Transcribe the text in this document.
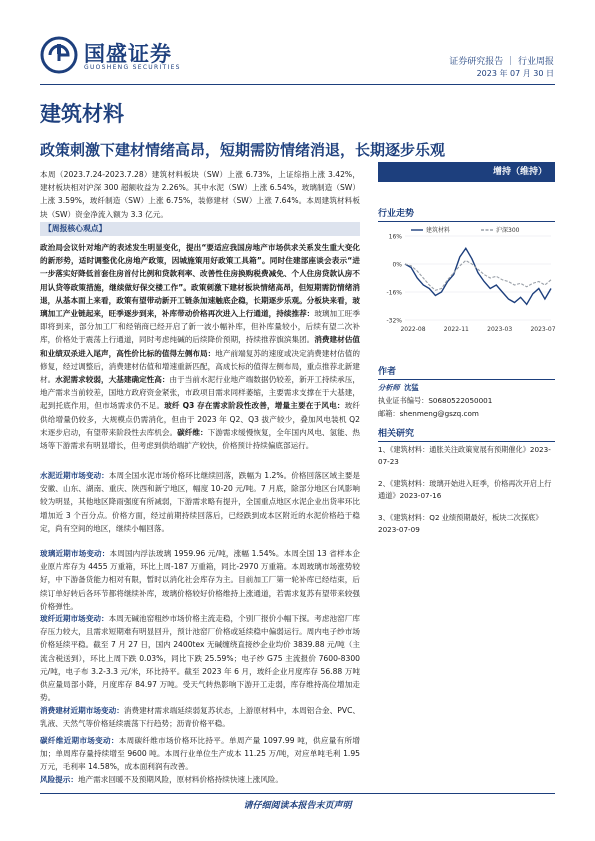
国盛证券
GUOSHENG SECURITIES
证券研究报告 ｜ 行业周报
2023 年 07 月 30 日
建筑材料
政策刺激下建材情绪高昂，短期需防情绪消退，长期逐步乐观

本周（2023.7.24-2023.7.28）建筑材料板块（SW）上涨 6.73%，上证综指上涨 3.42%，建材板块相对沪深 300 超额收益为 2.26%。其中水泥（SW）上涨 6.54%，玻璃制造（SW）上涨 3.59%，玻纤制造（SW）上涨 6.75%，装修建材（SW）上涨 7.64%。本周建筑材料板块（SW）资金净流入额为 3.3 亿元。

【周报核心观点】

政治局会议针对地产的表述发生明显变化，提出“要适应我国房地产市场供求关系发生重大变化的新形势，适时调整优化房地产政策，因城施策用好政策工具箱”。同时住建部座谈会表示“进一步落实好降低首套住房首付比例和贷款利率、改善性住房换购税费减免、个人住房贷款认房不用认贷等政策措施，继续做好保交楼工作”。政策刺激下建材板块情绪高昂，但短期需防情绪消退，从基本面上来看，政策有望带动新开工链条加速触底企稳，长期逐步乐观。分板块来看，玻璃加工产业链起来，旺季逐步到来，补库带动价格再次进入上行通道，持续推荐：玻璃加工旺季即将到来，部分加工厂和经销商已经开启了新一波小幅补库，但补库量较小，后续有望二次补库，价格处于震荡上行通道，同时考虑纯碱的后续降价预期，持续推荐旗滨集团。消费建材估值和业绩双杀进入尾声，高性价比标的值得左侧布局：地产前端复苏的速度或决定消费建材估值的修复，经过调整后，消费建材估值和增速重新匹配，高成长标的值得左侧布局，重点推荐北新建材。水泥需求较弱，大基建确定性高：由于当前水泥行业地产端数据仍较差，新开工持续承压，地产需求当前较差，国地方政府资金紧张，市政项目需求同样萎缩，主要需求支撑在于大基建，起到托底作用，但市场需求仍不足。玻纤 Q3 存在需求阶段性改善，增量主要在于风电：玻纤供给增量仍较多，大规模点仍需消化，但由于 2023 年 Q2、Q3 拔产较少，叠加风电装机 Q2 末逐步启动，有望带来阶段性去库机会。碳纤维：下游需求缓慢恢复，全年国内风电、氢能、热场等下游需求有明显增长，但考虑到供给端扩产较快，价格预计持续偏底部运行。

水泥近期市场变动：本周全国水泥市场价格环比继续回落，跌幅为 1.2%。价格回落区域主要是安徽、山东、湖南、重庆、陕西和新宁地区，幅度 10-20 元/吨。7 月底，除部分地区台风影响较为明显，其他地区降雨强度有所减弱，下游需求略有提升，全国重点地区水泥企业出货率环比增加近 3 个百分点。价格方面，经过前期持续回落后，已经跌到成本区附近的水泥价格趋于稳定，尚有空间的地区，继续小幅回落。

玻璃近期市场变动：本周国内浮法玻璃 1959.96 元/吨，涨幅 1.54%。本周全国 13 省样本企业原片库存为 4455 万重箱，环比上周-187 万重箱，同比-2970 万重箱。本周玻璃市场涨势较好，中下游备货能力相对有限，暂时以消化社会库存为主。目前加工厂第一轮补库已经结束，后续订单好转后各环节都将继续补库，玻璃价格较好价格维持上涨通道，若需求复苏有望带来较强价格弹性。

玻纤近期市场变动：本周无碱池窑粗纱市场价格主流走稳，个别厂报价小幅下探。考虑池窑厂库存压力较大，且需求短期难有明显回升，预计池窑厂价格或延续稳中偏弱运行。周内电子纱市场价格延续平稳。截至 7 月 27 日，国内 2400tex 无碱缠绕直接纱企业均价 3839.88 元/吨（主流含税送到），环比上周下跌 0.03%，同比下跌 25.59%；电子纱 G75 主流报价 7600-8300 元/吨，电子布 3.2-3.3 元/米，环比持平。截至 2023 年 6 月，玻纤企业月度库存 56.88 万吨供应量局部小降，月度库存 84.97 万吨。受天气转热影响下游开工走弱，库存维持高位增加走势。

消费建材近期市场变动：消费建材需求端延续弱复苏状态，上游原材料中，本周铝合金、PVC、乳液、天然气等价格延续震荡下行趋势；沥青价格平稳。

碳纤维近期市场变动：本周碳纤维市场价格环比持平。单周产量 1097.99 吨，供应量有所增加；单周库存量持续增至 9600 吨。本周行业单位生产成本 11.25 万/吨，对应单吨毛利 1.95 万元，毛利率 14.58%，成本面利润有改善。

风险提示：地产需求回暖不及预期风险，原材料价格持续快速上涨风险。

增持（维持）
行业走势
16%
0%
-16%
-32%
2022-08	2022-11	2023-03	2023-07
建筑材料	沪深300
作者
分析师 沈猛
执业证书编号：S0680522050001
邮箱：shenmeng@gszq.com
相关研究
1、《建筑材料：通胀关注政策宽展有预期催化》2023-07-23
2、《建筑材料：玻璃开始进入旺季，价格再次开启上行通道》2023-07-16
3、《建筑材料：Q2 业绩预期最好，板块二次探底》2023-07-09
请仔细阅读本报告末页声明
